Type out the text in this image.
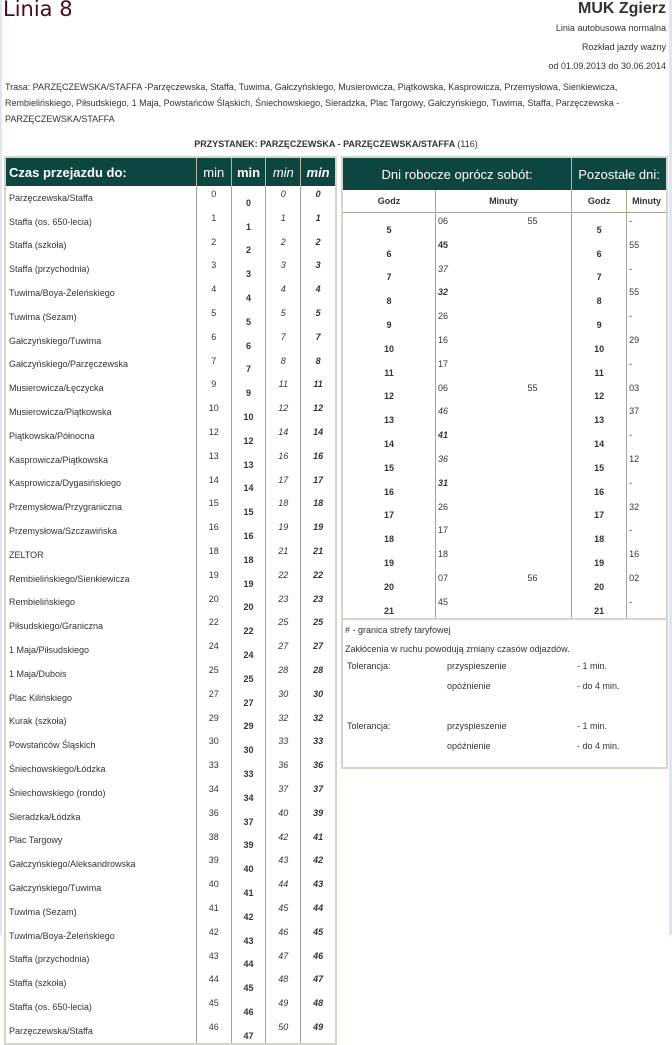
Linia 8	MUK Zgierz
Linia autobusowa normalna
Rozkład jazdy ważny
od 01.09.2013 do 30.06.2014
Trasa: PARZĘCZEWSKA/STAFFA -Parzęczewska, Staffa, Tuwima, Gałczyńskiego, Musierowicza, Piątkowska, Kasprowicza, Przemysłowa, Sienkiewicza, Rembielińskiego, Piłsudskiego, 1 Maja, Powstańców Śląskich, Śniechowskiego, Sieradzka, Plac Targowy, Gałczyńskiego, Tuwima, Staffa, Parzęczewska - PARZĘCZEWSKA/STAFFA
PRZYSTANEK: PARZĘCZEWSKA - PARZĘCZEWSKA/STAFFA (116)
Czas przejazdu do:	min	min	min	min
Parzęczewska/Staffa	0	0	0	0
Staffa (os. 650-lecia)	1	1	1	1
Staffa (szkoła)	2	2	2	2
Staffa (przychodnia)	3	3	3	3
Tuwima/Boya-Żeleńskiego	4	4	4	4
Tuwima (Sezam)	5	5	5	5
Gałczyńskiego/Tuwima	6	6	7	7
Gałczyńskiego/Parzęczewska	7	7	8	8
Musierowicza/Łęczycka	9	9	11	11
Musierowicza/Piątkowska	10	10	12	12
Piątkowska/Północna	12	12	14	14
Kasprowicza/Piątkowska	13	13	16	16
Kasprowicza/Dygasińskiego	14	14	17	17
Przemysłowa/Przygraniczna	15	15	18	18
Przemysłowa/Szczawińska	16	16	19	19
ZELTOR	18	18	21	21
Rembielińskiego/Sienkiewicza	19	19	22	22
Rembielińskiego	20	20	23	23
Piłsudskiego/Graniczna	22	22	25	25
1 Maja/Piłsudskiego	24	24	27	27
1 Maja/Dubois	25	25	28	28
Plac Kilińskiego	27	27	30	30
Kurak (szkoła)	29	29	32	32
Powstańców Śląskich	30	30	33	33
Śniechowskiego/Łódzka	33	33	36	36
Śniechowskiego (rondo)	34	34	37	37
Sieradzka/Łódzka	36	37	40	39
Plac Targowy	38	39	42	41
Gałczyńskiego/Aleksandrowska	39	40	43	42
Gałczyńskiego/Tuwima	40	41	44	43
Tuwima (Sezam)	41	42	45	44
Tuwima/Boya-Żeleńskiego	42	43	46	45
Staffa (przychodnia)	43	44	47	46
Staffa (szkoła)	44	45	48	47
Staffa (os. 650-lecia)	45	46	49	48
Parzęczewska/Staffa	46	47	50	49
Dni robocze oprócz sobót:	Pozostałe dni:
Godz	Minuty	Godz	Minuty
5	06	55	5	-
6	45		6	55
7	37		7	-
8	32		8	55
9	26		9	-
10	16		10	29
11	17		11	-
12	06	55	12	03
13	46		13	37
14	41		14	-
15	36		15	12
16	31		16	-
17	26		17	32
18	17		18	-
19	18		19	16
20	07	56	20	02
21	45		21	-

# - granica strefy taryfowej
Zakłócenia w ruchu powodują zmiany czasów odjazdów.
Tolerancja:	przyspieszenie	- 1 min.
	opóźnienie	- do 4 min.

Tolerancja:	przyspieszenie	- 1 min.
	opóźnienie	- do 4 min.
